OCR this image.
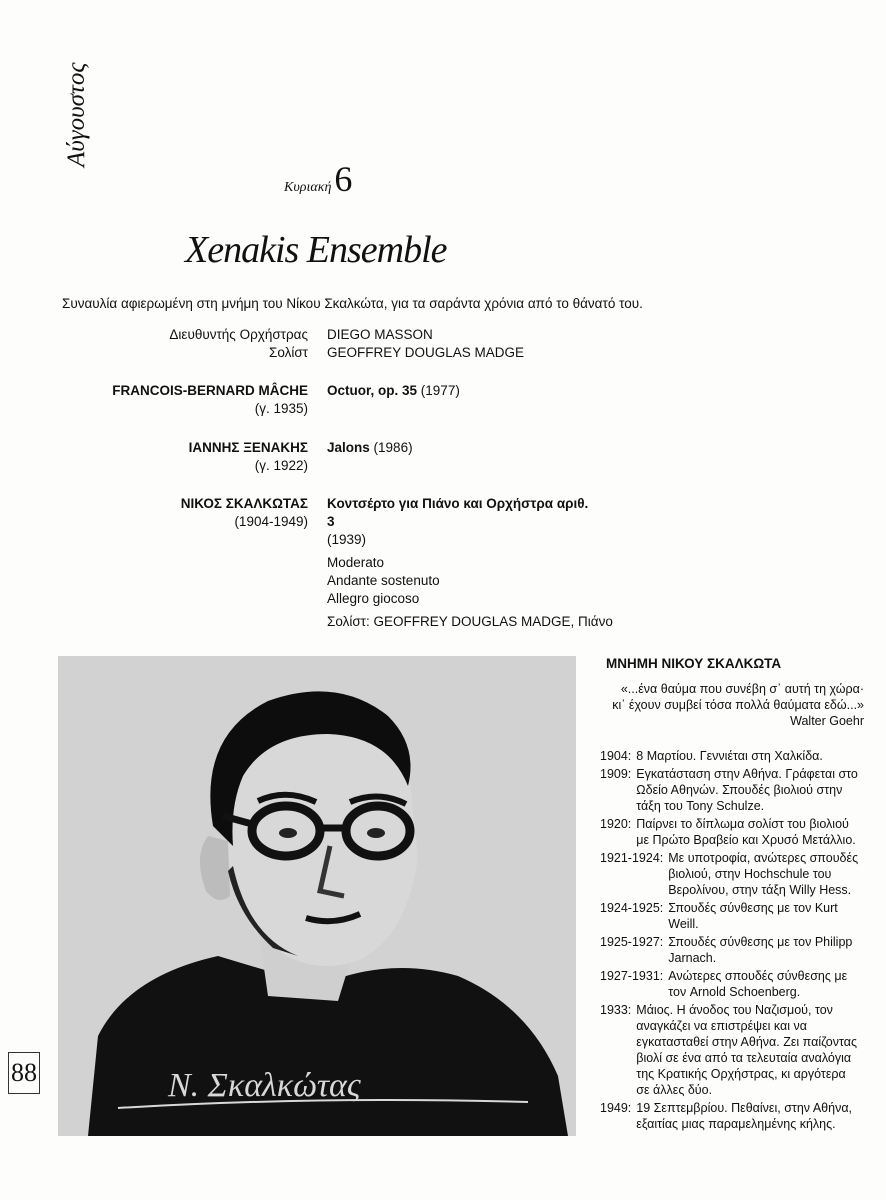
Αύγουστος
Κυριακή6
Xenakis Ensemble
Συναυλία αφιερωμένη στη μνήμη του Νίκου Σκαλκώτα, για τα σαράντα χρόνια από το θάνατό του.
Διευθυντής Ορχήστρας
Σολίστ
DIEGO MASSON
GEOFFREY DOUGLAS MADGE
FRANCOIS-BERNARD MÂCHE
(γ. 1935)
Octuor, op. 35 (1977)
ΙΑΝΝΗΣ ΞΕΝΑΚΗΣ
(γ. 1922)
Jalons (1986)
ΝΙΚΟΣ ΣΚΑΛΚΩΤΑΣ
(1904-1949)
Κοντσέρτο για Πιάνο και Ορχήστρα αριθ. 3
(1939)
Moderato
Andante sostenuto
Allegro giocoso
Σολίστ: GEOFFREY DOUGLAS MADGE, Πιάνο
Ν. Σκαλκώτας
88
ΜΝΗΜΗ ΝΙΚΟΥ ΣΚΑΛΚΩΤΑ
«...ένα θαύμα που συνέβη σ᾽ αυτή τη χώρα· κι᾽ έχουν συμβεί τόσα πολλά θαύματα εδώ...»
Walter Goehr
1904: 8 Μαρτίου. Γεννιέται στη Χαλκίδα.
1909: Εγκατάσταση στην Αθήνα. Γράφεται στο Ωδείο Αθηνών. Σπουδές βιολιού στην τάξη του Tony Schulze.
1920: Παίρνει το δίπλωμα σολίστ του βιολιού με Πρώτο Βραβείο και Χρυσό Μετάλλιο.
1921-1924: Με υποτροφία, ανώτερες σπουδές βιολιού, στην Hochschule του Βερολίνου, στην τάξη Willy Hess.
1924-1925: Σπουδές σύνθεσης με τον Kurt Weill.
1925-1927: Σπουδές σύνθεσης με τον Philipp Jarnach.
1927-1931: Ανώτερες σπουδές σύνθεσης με τον Arnold Schoenberg.
1933: Μάιος. Η άνοδος του Ναζισμού, τον αναγκάζει να επιστρέψει και να εγκατασταθεί στην Αθήνα. Ζει παίζοντας βιολί σε ένα από τα τελευταία αναλόγια της Κρατικής Ορχήστρας, κι αργότερα σε άλλες δύο.
1949: 19 Σεπτεμβρίου. Πεθαίνει, στην Αθήνα, εξαιτίας μιας παραμελημένης κήλης.
